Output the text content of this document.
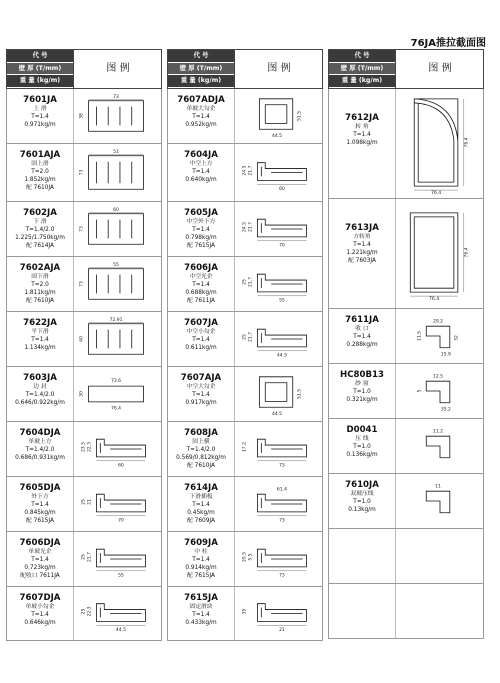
76JA推拉截面图
代 号
壁 厚 (T/mm)
重 量 (kg/m)
图 例
7601JA
上 滑
T=1.4
0.971kg/m
73
38
7601AJA
固上滑
T=2.0
1.852kg/m
配 7610JA
51
73
7602JA
下 滑
T=1.4/2.0
1.225/1.750kg/m
配 7614JA
60
73
7602AJA
固下滑
T=2.0
1.811kg/m
配 7610JA
55
73
7622JA
平下滑
T=1.4
1.134kg/m
72.91
40
7603JA
边 封
T=1.4/2.0
0.646/0.922kg/m
73.6
76.4
30
7604DJA
单玻上方
T=1.4/2.0
0.686/0.931kg/m
23.5 22.3
60
7605DJA
外下方
T=1.4
0.845kg/m
配 7615JA
25 21
70
7606DJA
单玻光企
T=1.4
0.723kg/m
配收口 7611JA
25 21.7
55
7607DJA
单玻小勾企
T=1.4
0.646kg/m
25 22.3
44.5
代 号
壁 厚 (T/mm)
重 量 (kg/m)
图 例
7607ADJA
单玻大勾企
T=1.4
0.952kg/m
51.5
44.5
7604JA
中空上方
T=1.4
0.640kg/m
24.5 21.7
60
7605JA
中空外下方
T=1.4
0.798kg/m
配 7615JA
24.5 21.7
70
7606JA
中空光企
T=1.4
0.688kg/m
配 7611JA
25 21.7
55
7607JA
中空小勾企
T=1.4
0.611kg/m
25 21.7
44.5
7607AJA
中空大勾企
T=1.4
0.917kg/m
51.5
44.5
7608JA
固上横
T=1.4/2.0
0.569/0.812kg/m
配 7610JA
17.2
73
7614JA
下滑插板
T=1.4
0.45kg/m
配 7609JA
61.4
73
7609JA
中 柱
T=1.4
0.914kg/m
配 7615JA
20.5 5.5
73
7615JA
固定滑块
T=1.4
0.433kg/m
35
21
代 号
壁 厚 (T/mm)
重 量 (kg/m)
图 例
7612JA
转 角
T=1.4
1.098kg/m
76.4
76.4
7613JA
方转角
T=1.4
1.221kg/m
配 7603JA
76.4
76.4
7611JA
收 口
T=1.4
0.288kg/m
29.2
11.5
15.9
32
HC80B13
纱 窗
T=1.0
0.321kg/m
12.5
5
35.2
D0041
压 线
T=1.0
0.136kg/m
11.2
7610JA
双玻压线
T=1.0
0.13kg/m
11
